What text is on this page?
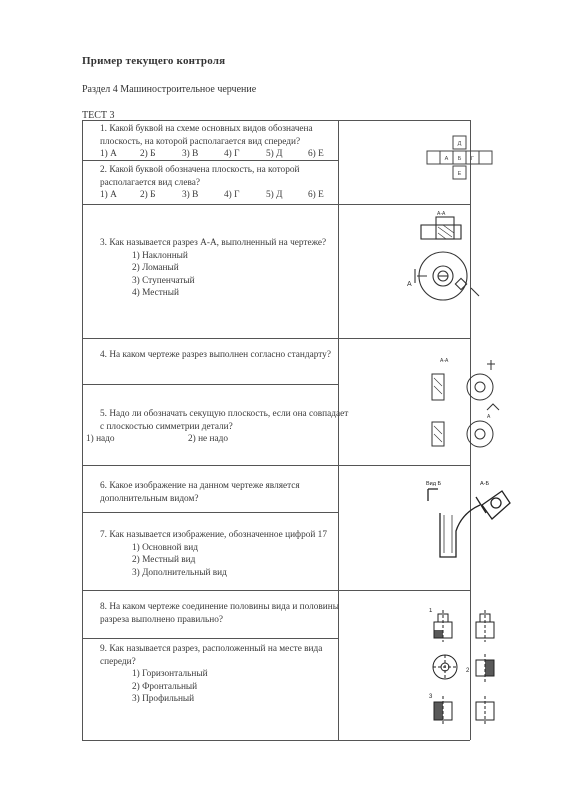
Пример текущего контроля
Раздел 4 Машиностроительное черчение
ТЕСТ 3
1. Какой буквой на схеме основных видов обозначена плоскость, на которой располагается вид спереди?
1) А	2) Б	3) В	4) Г	5) Д	6) Е
2. Какой буквой обозначена плоскость, на которой располагается вид слева?
1) А	2) Б	3) В	4) Г	5) Д	6) Е
3. Как называется разрез А-А, выполненный на чертеже?
1) Наклонный
2) Ломаный
3) Ступенчатый
4) Местный
4. На каком чертеже разрез выполнен согласно стандарту?
5. Надо ли обозначать секущую плоскость, если она совпадает с плоскостью симметрии детали?
1) надо	2) не надо
6. Какое изображение на данном чертеже является дополнительным видом?
7. Как называется изображение, обозначенное цифрой 17
1) Основной вид
2) Местный вид
3) Дополнительный вид
8. На каком чертеже соединение половины вида и половины разреза выполнено правильно?
9. Как называется разрез, расположенный на месте вида спереди?
1) Горизонтальный
2) Фронтальный
3) Профильный
Д
А Б Г
Е
А-А
А
А-А
А
Вид Б	А-Б
1
2
3
